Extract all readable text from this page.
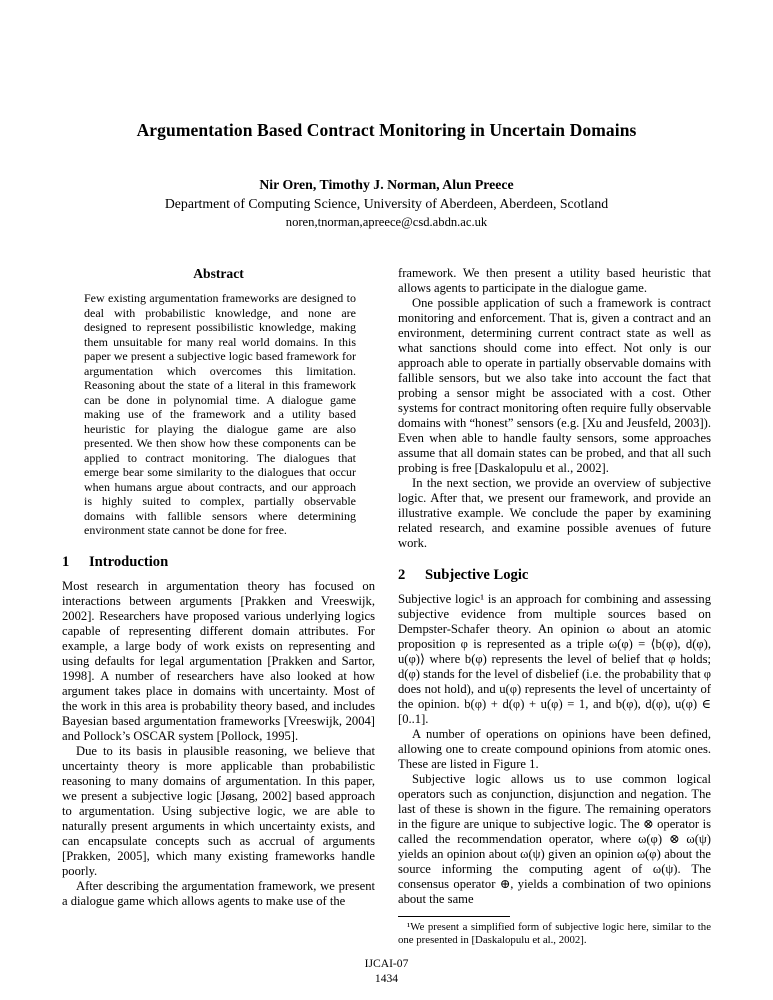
Argumentation Based Contract Monitoring in Uncertain Domains
Nir Oren, Timothy J. Norman, Alun Preece
Department of Computing Science, University of Aberdeen, Aberdeen, Scotland
noren,tnorman,apreece@csd.abdn.ac.uk
Abstract

Few existing argumentation frameworks are designed to deal with probabilistic knowledge, and none are designed to represent possibilistic knowledge, making them unsuitable for many real world domains. In this paper we present a subjective logic based framework for argumentation which overcomes this limitation. Reasoning about the state of a literal in this framework can be done in polynomial time. A dialogue game making use of the framework and a utility based heuristic for playing the dialogue game are also presented. We then show how these components can be applied to contract monitoring. The dialogues that emerge bear some similarity to the dialogues that occur when humans argue about contracts, and our approach is highly suited to complex, partially observable domains with fallible sensors where determining environment state cannot be done for free.

1 Introduction

Most research in argumentation theory has focused on interactions between arguments [Prakken and Vreeswijk, 2002]. Researchers have proposed various underlying logics capable of representing different domain attributes. For example, a large body of work exists on representing and using defaults for legal argumentation [Prakken and Sartor, 1998]. A number of researchers have also looked at how argument takes place in domains with uncertainty. Most of the work in this area is probability theory based, and includes Bayesian based argumentation frameworks [Vreeswijk, 2004] and Pollock’s OSCAR system [Pollock, 1995].

Due to its basis in plausible reasoning, we believe that uncertainty theory is more applicable than probabilistic reasoning to many domains of argumentation. In this paper, we present a subjective logic [Jøsang, 2002] based approach to argumentation. Using subjective logic, we are able to naturally present arguments in which uncertainty exists, and can encapsulate concepts such as accrual of arguments [Prakken, 2005], which many existing frameworks handle poorly.

After describing the argumentation framework, we present a dialogue game which allows agents to make use of the

framework. We then present a utility based heuristic that allows agents to participate in the dialogue game.

One possible application of such a framework is contract monitoring and enforcement. That is, given a contract and an environment, determining current contract state as well as what sanctions should come into effect. Not only is our approach able to operate in partially observable domains with fallible sensors, but we also take into account the fact that probing a sensor might be associated with a cost. Other systems for contract monitoring often require fully observable domains with “honest” sensors (e.g. [Xu and Jeusfeld, 2003]). Even when able to handle faulty sensors, some approaches assume that all domain states can be probed, and that all such probing is free [Daskalopulu et al., 2002].

In the next section, we provide an overview of subjective logic. After that, we present our framework, and provide an illustrative example. We conclude the paper by examining related research, and examine possible avenues of future work.

2 Subjective Logic

Subjective logic¹ is an approach for combining and assessing subjective evidence from multiple sources based on Dempster-Schafer theory. An opinion ω about an atomic proposition φ is represented as a triple ω(φ) = ⟨b(φ), d(φ), u(φ)⟩ where b(φ) represents the level of belief that φ holds; d(φ) stands for the level of disbelief (i.e. the probability that φ does not hold), and u(φ) represents the level of uncertainty of the opinion. b(φ) + d(φ) + u(φ) = 1, and b(φ), d(φ), u(φ) ∈ [0..1].

A number of operations on opinions have been defined, allowing one to create compound opinions from atomic ones. These are listed in Figure 1.

Subjective logic allows us to use common logical operators such as conjunction, disjunction and negation. The last of these is shown in the figure. The remaining operators in the figure are unique to subjective logic. The ⊗ operator is called the recommendation operator, where ω(φ) ⊗ ω(ψ) yields an opinion about ω(ψ) given an opinion ω(φ) about the source informing the computing agent of ω(ψ). The consensus operator ⊕, yields a combination of two opinions about the same

¹We present a simplified form of subjective logic here, similar to the one presented in [Daskalopulu et al., 2002].

IJCAI-07
1434
